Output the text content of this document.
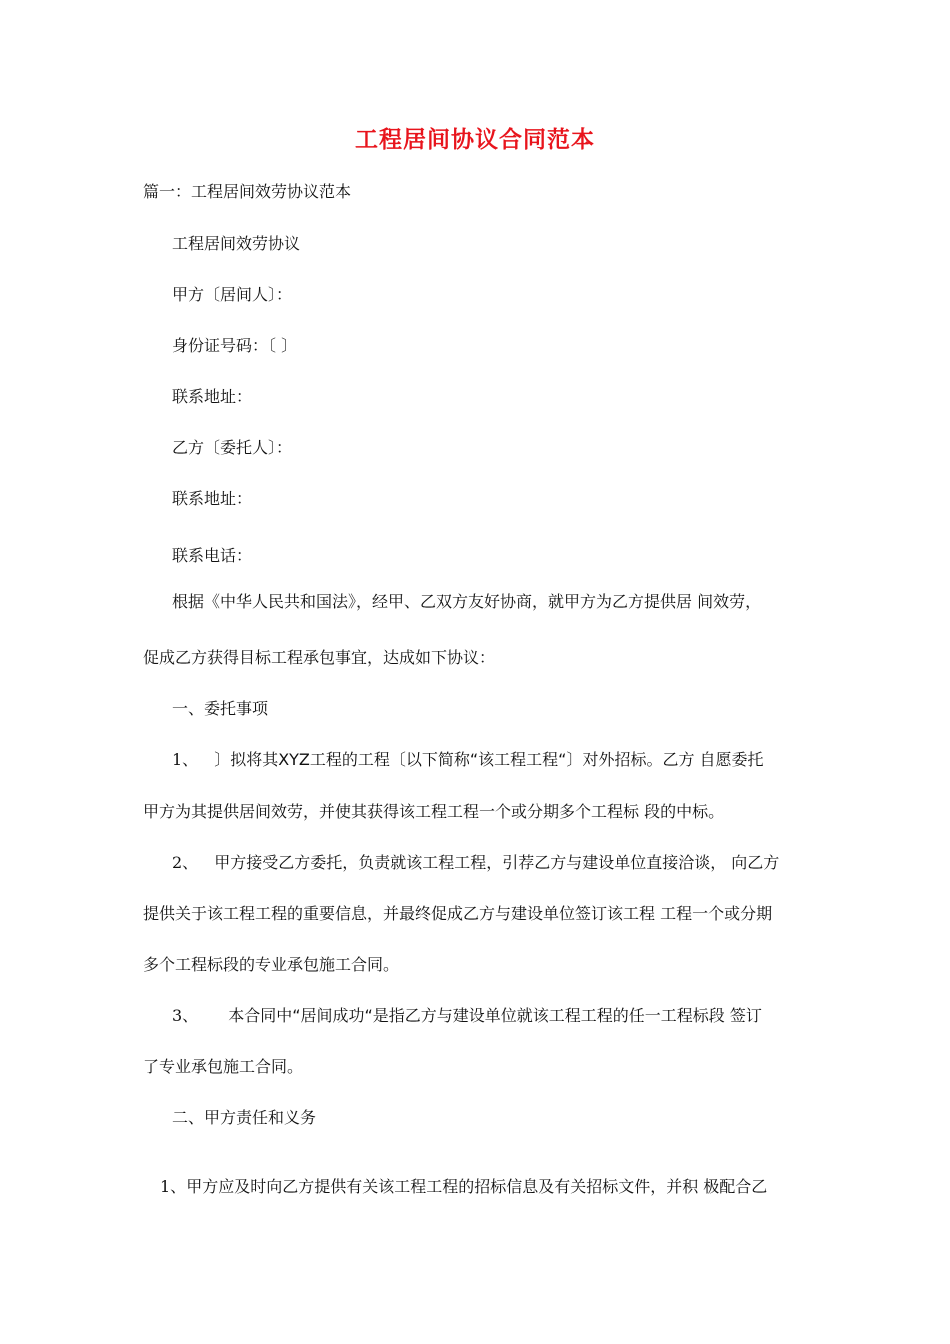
工程居间协议合同范本
篇一：工程居间效劳协议范本
工程居间效劳协议
甲方〔居间人〕：
身份证号码：〔 〕
联系地址：
乙方〔委托人〕：
联系地址：
联系电话：
根据《中华人民共和国法》，经甲、乙双方友好协商，就甲方为乙方提供居 间效劳，
促成乙方获得目标工程承包事宜，达成如下协议：
一、委托事项
1、 〕拟将其XYZ工程的工程〔以下简称“该工程工程“〕对外招标。乙方 自愿委托
甲方为其提供居间效劳，并使其获得该工程工程一个或分期多个工程标 段的中标。
2、 甲方接受乙方委托，负责就该工程工程，引荐乙方与建设单位直接洽谈， 向乙方
提供关于该工程工程的重要信息，并最终促成乙方与建设单位签订该工程 工程一个或分期
多个工程标段的专业承包施工合同。
3、 本合同中“居间成功“是指乙方与建设单位就该工程工程的任一工程标段 签订
了专业承包施工合同。
二、甲方责任和义务
1、甲方应及时向乙方提供有关该工程工程的招标信息及有关招标文件，并积 极配合乙
